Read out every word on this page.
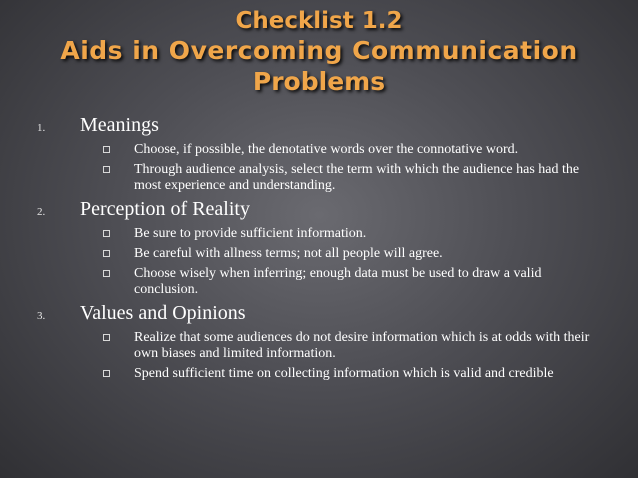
Checklist 1.2
Aids in Overcoming Communication
Problems
1. Meanings
Choose, if possible, the denotative words over the connotative word.
Through audience analysis, select the term with which the audience has had the most experience and understanding.
2. Perception of Reality
Be sure to provide sufficient information.
Be careful with allness terms; not all people will agree.
Choose wisely when inferring; enough data must be used to draw a valid conclusion.
3. Values and Opinions
Realize that some audiences do not desire information which is at odds with their own biases and limited information.
Spend sufficient time on collecting information which is valid and credible
